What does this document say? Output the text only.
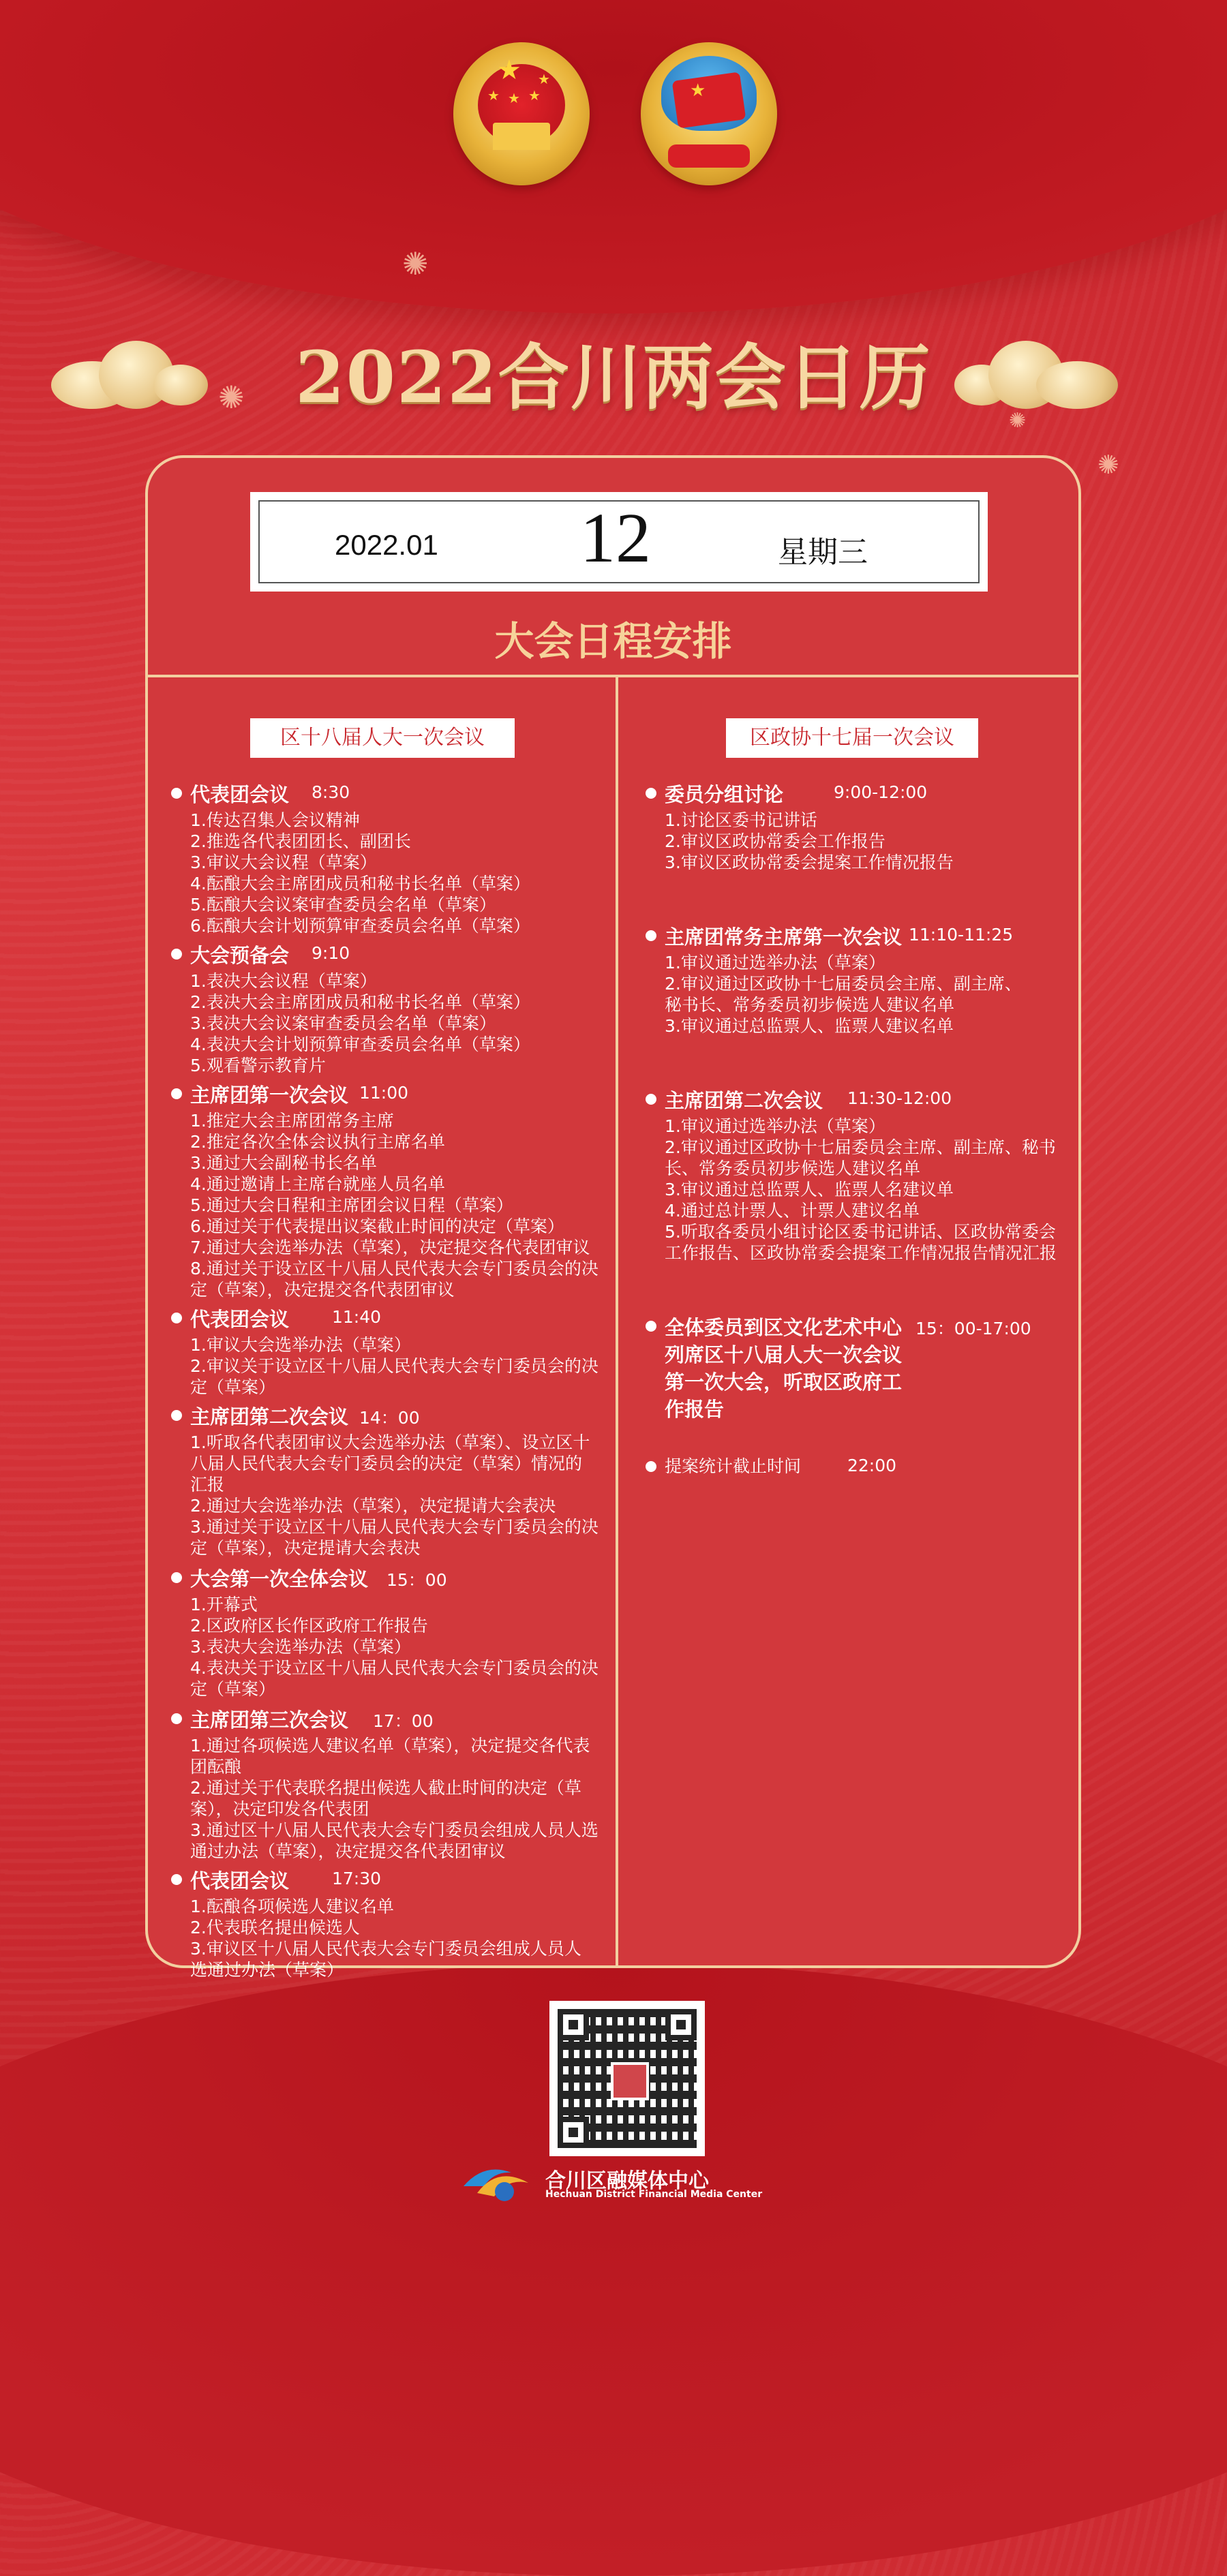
✺
✺
✺
✺
★
★ ★ ★
★
★
2022合川两会日历
2022.01 12	星期三
大会日程安排
区十八届人大一次会议
代表团会议 8:30
1.传达召集人会议精神
2.推选各代表团团长、副团长
3.审议大会议程（草案）
4.酝酿大会主席团成员和秘书长名单（草案）
5.酝酿大会议案审查委员会名单（草案）
6.酝酿大会计划预算审查委员会名单（草案）
大会预备会 9:10
1.表决大会议程（草案）
2.表决大会主席团成员和秘书长名单（草案）
3.表决大会议案审查委员会名单（草案）
4.表决大会计划预算审查委员会名单（草案）
5.观看警示教育片
主席团第一次会议 11:00
1.推定大会主席团常务主席
2.推定各次全体会议执行主席名单
3.通过大会副秘书长名单
4.通过邀请上主席台就座人员名单
5.通过大会日程和主席团会议日程（草案）
6.通过关于代表提出议案截止时间的决定（草案）
7.通过大会选举办法（草案），决定提交各代表团审议
8.通过关于设立区十八届人民代表大会专门委员会的决
定（草案），决定提交各代表团审议
代表团会议	11:40
1.审议大会选举办法（草案）
2.审议关于设立区十八届人民代表大会专门委员会的决
定（草案）
主席团第二次会议 14：00
1.听取各代表团审议大会选举办法（草案）、设立区十
八届人民代表大会专门委员会的决定（草案）情况的
汇报
2.通过大会选举办法（草案），决定提请大会表决
3.通过关于设立区十八届人民代表大会专门委员会的决
定（草案），决定提请大会表决
大会第一次全体会议 15：00
1.开幕式
2.区政府区长作区政府工作报告
3.表决大会选举办法（草案）
4.表决关于设立区十八届人民代表大会专门委员会的决
定（草案）
主席团第三次会议 17：00
1.通过各项候选人建议名单（草案），决定提交各代表
团酝酿
2.通过关于代表联名提出候选人截止时间的决定（草
案），决定印发各代表团
3.通过区十八届人民代表大会专门委员会组成人员人选
通过办法（草案），决定提交各代表团审议
代表团会议	17:30
1.酝酿各项候选人建议名单
2.代表联名提出候选人
3.审议区十八届人民代表大会专门委员会组成人员人
选通过办法（草案）
区政协十七届一次会议
委员分组讨论	9:00-12:00
1.讨论区委书记讲话
2.审议区政协常委会工作报告
3.审议区政协常委会提案工作情况报告
主席团常务主席第一次会议 11:10-11:25
1.审议通过选举办法（草案）
2.审议通过区政协十七届委员会主席、副主席、
秘书长、常务委员初步候选人建议名单
3.审议通过总监票人、监票人建议名单
主席团第二次会议 11:30-12:00
1.审议通过选举办法（草案）
2.审议通过区政协十七届委员会主席、副主席、秘书
长、常务委员初步候选人建议名单
3.审议通过总监票人、监票人名建议单
4.通过总计票人、计票人建议名单
5.听取各委员小组讨论区委书记讲话、区政协常委会
工作报告、区政协常委会提案工作情况报告情况汇报
全体委员到区文化艺术中心
列席区十八届人大一次会议
第一次大会，听取区政府工
作报告
15：00-17:00
提案统计截止时间	22:00
合川区融媒体中心
Hechuan District Financial Media Center
